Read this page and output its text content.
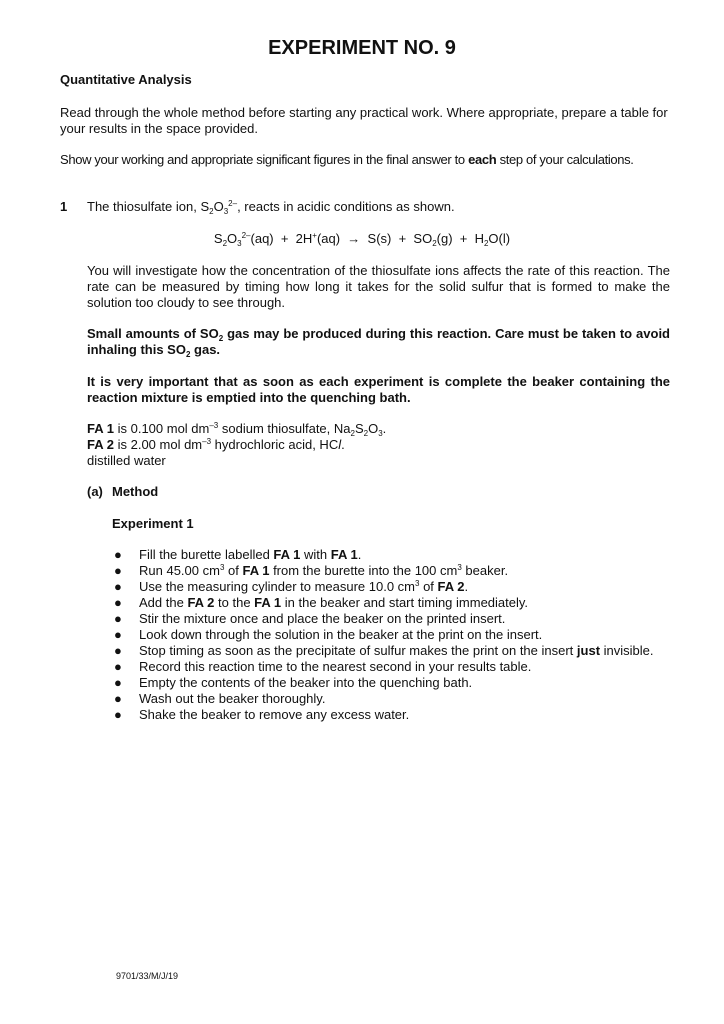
EXPERIMENT NO. 9
Quantitative Analysis
Read through the whole method before starting any practical work. Where appropriate, prepare a table for your results in the space provided.
Show your working and appropriate significant figures in the final answer to each step of your calculations.
1 The thiosulfate ion, $S_2O_3^{2-}$, reacts in acidic conditions as shown.
$S_2O_3^{2-}(aq) + 2H^+(aq) \to S(s) + SO_2(g) + H_2O(l)$
You will investigate how the concentration of the thiosulfate ions affects the rate of this reaction. The rate can be measured by timing how long it takes for the solid sulfur that is formed to make the solution too cloudy to see through.
Small amounts of $SO_2$ gas may be produced during this reaction. Care must be taken to avoid inhaling this $SO_2$ gas.
It is very important that as soon as each experiment is complete the beaker containing the reaction mixture is emptied into the quenching bath.
FA 1 is 0.100 mol $dm^{-3}$ sodium thiosulfate, $Na_2S_2O_3$.
FA 2 is 2.00 mol $dm^{-3}$ hydrochloric acid, HCl.
distilled water
(a) Method
Experiment 1
● Fill the burette labelled FA 1 with FA 1.
● Run 45.00 $cm^3$ of FA 1 from the burette into the 100 $cm^3$ beaker.
● Use the measuring cylinder to measure 10.0 $cm^3$ of FA 2.
● Add the FA 2 to the FA 1 in the beaker and start timing immediately.
● Stir the mixture once and place the beaker on the printed insert.
● Look down through the solution in the beaker at the print on the insert.
● Stop timing as soon as the precipitate of sulfur makes the print on the insert just invisible.
● Record this reaction time to the nearest second in your results table.
● Empty the contents of the beaker into the quenching bath.
● Wash out the beaker thoroughly.
● Shake the beaker to remove any excess water.
9701/33/M/J/19
